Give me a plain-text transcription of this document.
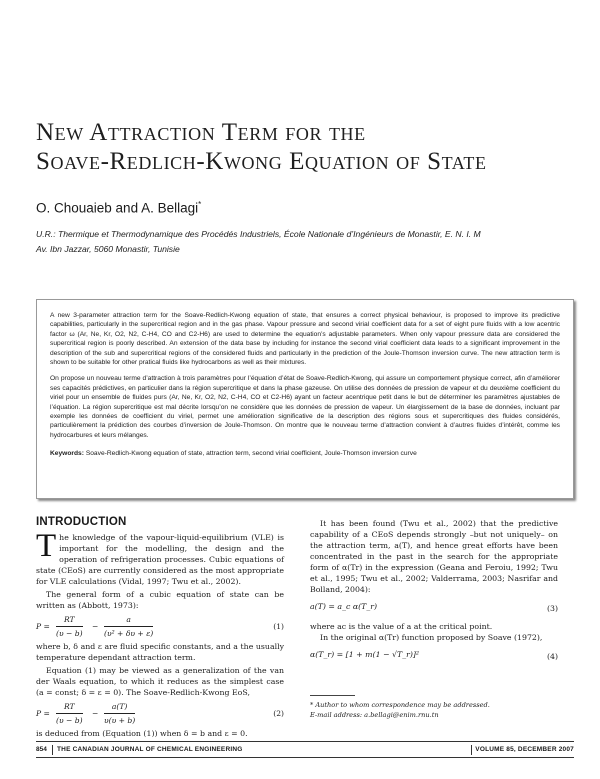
New Attraction Term for the
Soave-Redlich-Kwong Equation of State
O. Chouaieb and A. Bellagi*
U.R.: Thermique et Thermodynamique des Procédés Industriels, École Nationale d’Ingénieurs de Monastir, E. N. I. M
Av. Ibn Jazzar, 5060 Monastir, Tunisie

A new 3-parameter attraction term for the Soave-Redlich-Kwong equation of state, that ensures a correct physical behaviour, is proposed to improve its predictive capabilities, particularly in the supercritical region and in the gas phase. Vapour pressure and second virial coefficient data for a set of eight pure fluids with a low acentric factor ω (Ar, Ne, Kr, O2, N2, C-H4, CO and C2-H6) are used to determine the equation’s adjustable parameters. When only vapour pressure data are considered the supercritical region is poorly described. An extension of the data base by including for instance the second virial coefficient data leads to a significant improvement in the description of the sub and supercritical regions of the considered fluids and particularly in the prediction of the Joule-Thomson inversion curve. The new attraction term is shown to be suitable for other pratical fluids like hydrocarbons as well as their mixtures.

On propose un nouveau terme d’attraction à trois paramètres pour l’équation d’état de Soave-Redlich-Kwong, qui assure un comportement physique correct, afin d’améliorer ses capacités prédictives, en particulier dans la région supercritique et dans la phase gazeuse. On utilise des données de pression de vapeur et du deuxième coefficient du viriel pour un ensemble de fluides purs (Ar, Ne, Kr, O2, N2, C-H4, CO et C2-H6) ayant un facteur acentrique petit dans le but de déterminer les paramètres ajustables de l’équation. La région supercritique est mal décrite lorsqu’on ne considère que les données de pression de vapeur. Un élargissement de la base de données, incluant par exemple les données de coefficient du viriel, permet une amélioration significative de la description des régions sous et supercritiques des fluides considérés, particulièrement la prédiction des courbes d’inversion de Joule-Thomson. On montre que le nouveau terme d’attraction convient à d’autres fluides d’intérêt, comme les hydrocarbures et leurs mélanges.

Keywords: Soave-Redlich-Kwong equation of state, attraction term, second virial coefficient, Joule-Thomson inversion curve

INTRODUCTION

The knowledge of the vapour-liquid-equilibrium (VLE) is important for the modelling, the design and the operation of refrigeration processes. Cubic equations of state (CEoS) are currently considered as the most appropriate for VLE calculations (Vidal, 1997; Twu et al., 2002).

The general form of a cubic equation of state can be written as (Abbott, 1973):

$P = \frac{RT}{(\upsilon - b)} - \frac{a}{\text{(υ² + δυ + ε)}}$	(1)

where b, δ and ε are fluid specific constants, and a the usually temperature dependant attraction term.

Equation (1) may be viewed as a generalization of the van der Waals equation, to which it reduces as the simplest case (a = const; δ = ε = 0). The Soave-Redlich-Kwong EoS,

$P = \frac{RT}{(\upsilon - b)} - \frac{a(T)}{\upsilon(\upsilon + b)}$	(2)

is deduced from (Equation (1)) when δ = b and ε = 0.

It has been found (Twu et al., 2002) that the predictive capability of a CEoS depends strongly –but not uniquely– on the attraction term, a(T), and hence great efforts have been concentrated in the past in the search for the appropriate form of α(Tr) in the expression (Geana and Feroiu, 1992; Twu et al., 1995; Twu et al., 2002; Valderrama, 2003; Nasrifar and Bolland, 2004):

a(T) = a_c α(T_r)	(3)

where ac is the value of a at the critical point.

In the original α(Tr) function proposed by Soave (1972),

α(T_r) = [1 + m(1 − √T_r)]²	(4)
* Author to whom correspondence may be addressed.
E-mail address: a.bellagi@enim.rnu.tn
854 THE CANADIAN JOURNAL OF CHEMICAL ENGINEERING	VOLUME 85, DECEMBER 2007
